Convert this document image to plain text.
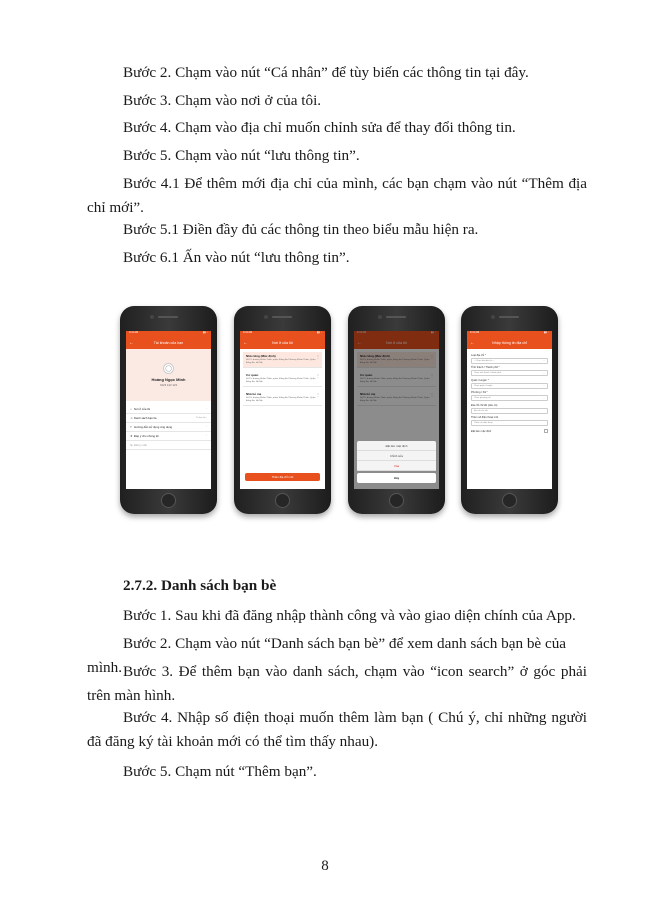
Bước 2. Chạm vào nút “Cá nhân” để tùy biến các thông tin tại đây.

Bước 3. Chạm vào nơi ở của tôi.

Bước 4. Chạm vào địa chỉ muốn chỉnh sửa để thay đổi thông tin.

Bước 5. Chạm vào nút “lưu thông tin”.

Bước 4.1 Để thêm mới địa chỉ của mình, các bạn chạm vào nút “Thêm địa chỉ mới”.

Bước 5.1 Điền đầy đủ các thông tin theo biểu mẫu hiện ra.

Bước 6.1 Ấn vào nút “lưu thông tin”.

9:41 AM	▮▮ ◔
←	Tài khoản của bạn
◯
Hoàng Ngọc Minh
0123 123 123
⌂ Nơi ở của tôi	›
☺ Danh sách bạn bè	20 bạn bè ›
? Hướng dẫn sử dụng ứng dụng	›
★ Đáp ý cho chúng tôi	›
↪ Đăng xuất
9:41 AM	▮▮ ◔
←	Nơi ở của tôi
Nhà riêng (Mặc định)
Số 15, đường Khâm Thiên, quận, Đống Đa Phường Khâm Thiên, Quận Đống Đa, Hà Nội
⋮
Cơ quan
Số 15, đường Khâm Thiên, quận, Đống Đa Phường Khâm Thiên, Quận Đống Đa, Hà Nội
⋮
Nhà bố mẹ
Số 15, đường Khâm Thiên, quận, Đống Đa Phường Khâm Thiên, Quận Đống Đa, Hà Nội
⋮
Thêm địa chỉ mới
9:41 AM	▮▮ ◔
←	Nơi ở của tôi
Nhà riêng (Mặc định)
Số 15, đường Khâm Thiên, quận, Đống Đa Phường Khâm Thiên, Quận Đống Đa, Hà Nội
⋮
Cơ quan
Số 15, đường Khâm Thiên, quận, Đống Đa Phường Khâm Thiên, Quận Đống Đa, Hà Nội
⋮
Nhà bố mẹ
Số 15, đường Khâm Thiên, quận, Đống Đa Phường Khâm Thiên, Quận Đống Đa, Hà Nội
⋮
Đặt làm mặc định
Chỉnh sửa
Xóa
Hủy
9:41 AM	▮▮ ◔
←	Nhập thông tin địa chỉ
Loại địa chỉ *
-- Chọn loại địa chỉ --	⌄
Tỉnh thành / Thành phố *
Chọn tỉnh thành / thành phố	⌄
Quận / Huyện *
Chọn quận / huyện	⌄
Phường / Xã *
Chọn phường xã	⌄
Địa chỉ chi tiết (nếu có)
Địa chỉ chi tiết
Thêm số điện thoại mới
Thêm số điện thoại
Đặt làm mặc định
2.7.2. Danh sách bạn bè

Bước 1. Sau khi đã đăng nhập thành công và vào giao diện chính của App.

Bước 2. Chạm vào nút “Danh sách bạn bè” để xem danh sách bạn bè của mình. Bước 3. Để thêm bạn vào danh sách, chạm vào “icon search” ở góc phải trên màn hình.

Bước 4. Nhập số điện thoại muốn thêm làm bạn ( Chú ý, chỉ những người đã đăng ký tài khoản mới có thể tìm thấy nhau).

Bước 5. Chạm nút “Thêm bạn”.

8
